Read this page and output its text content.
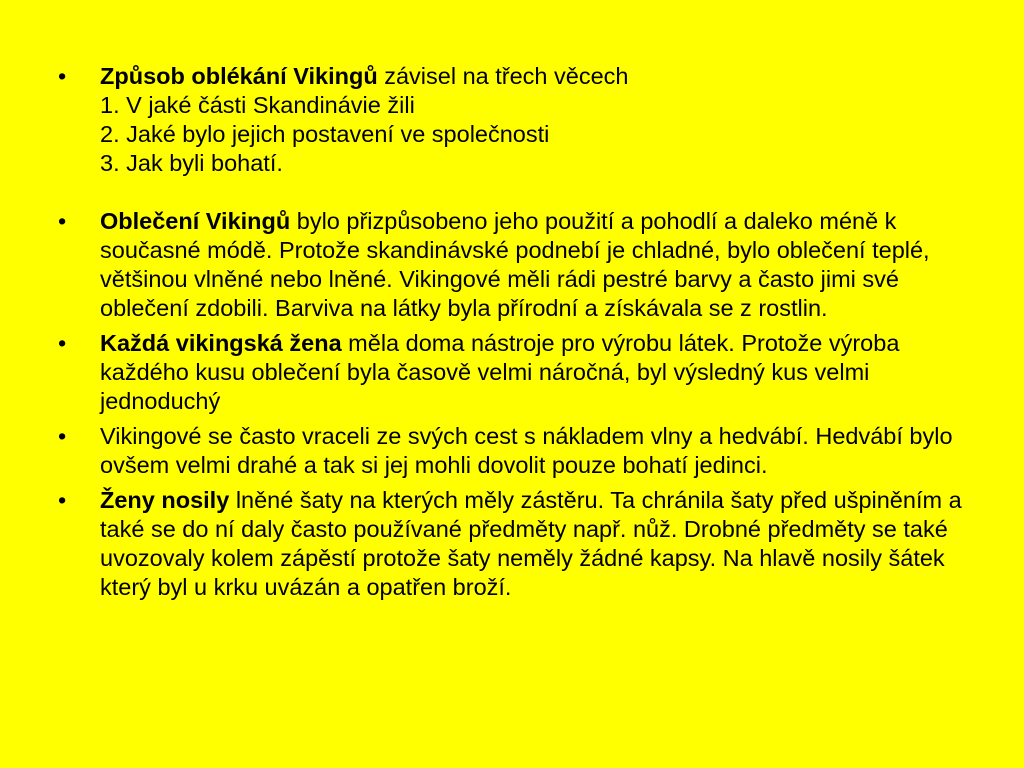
• Způsob oblékání Vikingů závisel na třech věcech
1. V jaké části Skandinávie žili
2. Jaké bylo jejich postavení ve společnosti
3. Jak byli bohatí.
• Oblečení Vikingů bylo přizpůsobeno jeho použití a pohodlí a daleko méně k současné módě. Protože skandinávské podnebí je chladné, bylo oblečení teplé, většinou vlněné nebo lněné. Vikingové měli rádi pestré barvy a často jimi své oblečení zdobili. Barviva na látky byla přírodní a získávala se z rostlin.
• Každá vikingská žena měla doma nástroje pro výrobu látek. Protože výroba každého kusu oblečení byla časově velmi náročná, byl výsledný kus velmi jednoduchý
• Vikingové se často vraceli ze svých cest s nákladem vlny a hedvábí. Hedvábí bylo ovšem velmi drahé a tak si jej mohli dovolit pouze bohatí jedinci.
• Ženy nosily lněné šaty na kterých měly zástěru. Ta chránila šaty před ušpiněním a také se do ní daly často používané předměty např. nůž. Drobné předměty se také uvozovaly kolem zápěstí protože šaty neměly žádné kapsy. Na hlavě nosily šátek který byl u krku uvázán a opatřen broží.
